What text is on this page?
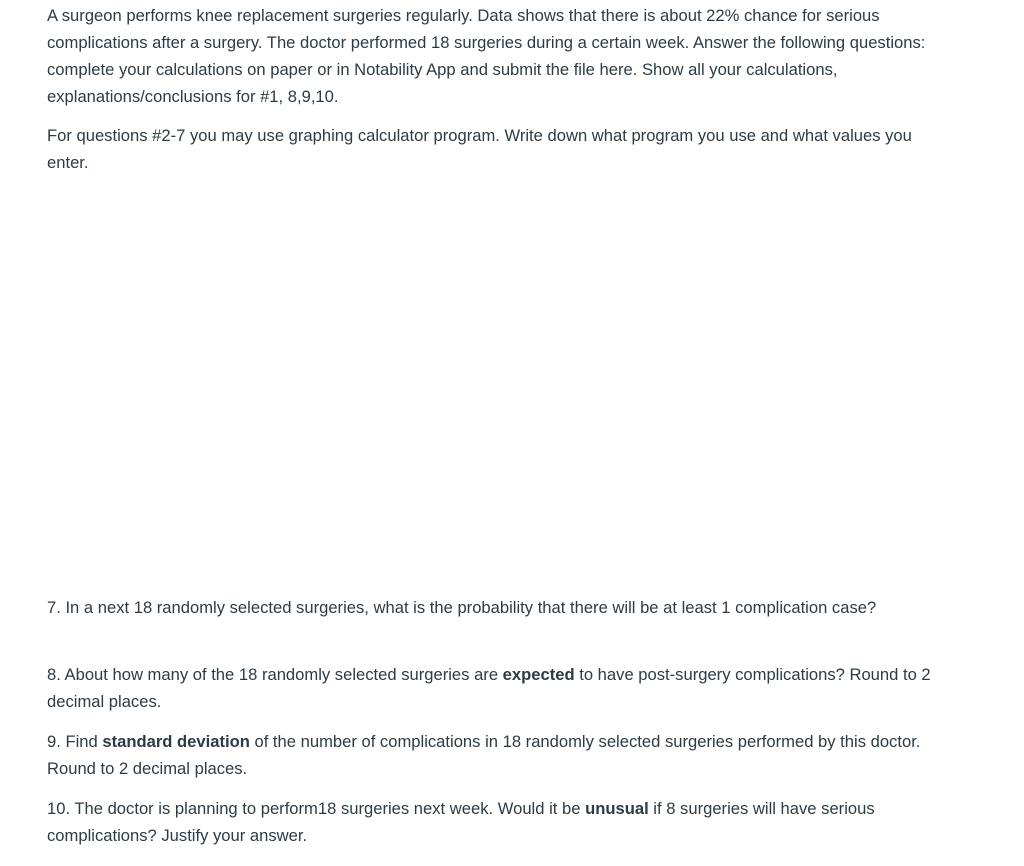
A surgeon performs knee replacement surgeries regularly. Data shows that there is about 22% chance for serious complications after a surgery. The doctor performed 18 surgeries during a certain week. Answer the following questions: complete your calculations on paper or in Notability App and submit the file here. Show all your calculations, explanations/conclusions for #1, 8,9,10.

For questions #2-7 you may use graphing calculator program. Write down what program you use and what values you enter.

7. In a next 18 randomly selected surgeries, what is the probability that there will be at least 1 complication case?

8. About how many of the 18 randomly selected surgeries are expected to have post-surgery complications? Round to 2 decimal places.

9. Find standard deviation of the number of complications in 18 randomly selected surgeries performed by this doctor. Round to 2 decimal places.

10. The doctor is planning to perform18 surgeries next week. Would it be unusual if 8 surgeries will have serious complications? Justify your answer.
